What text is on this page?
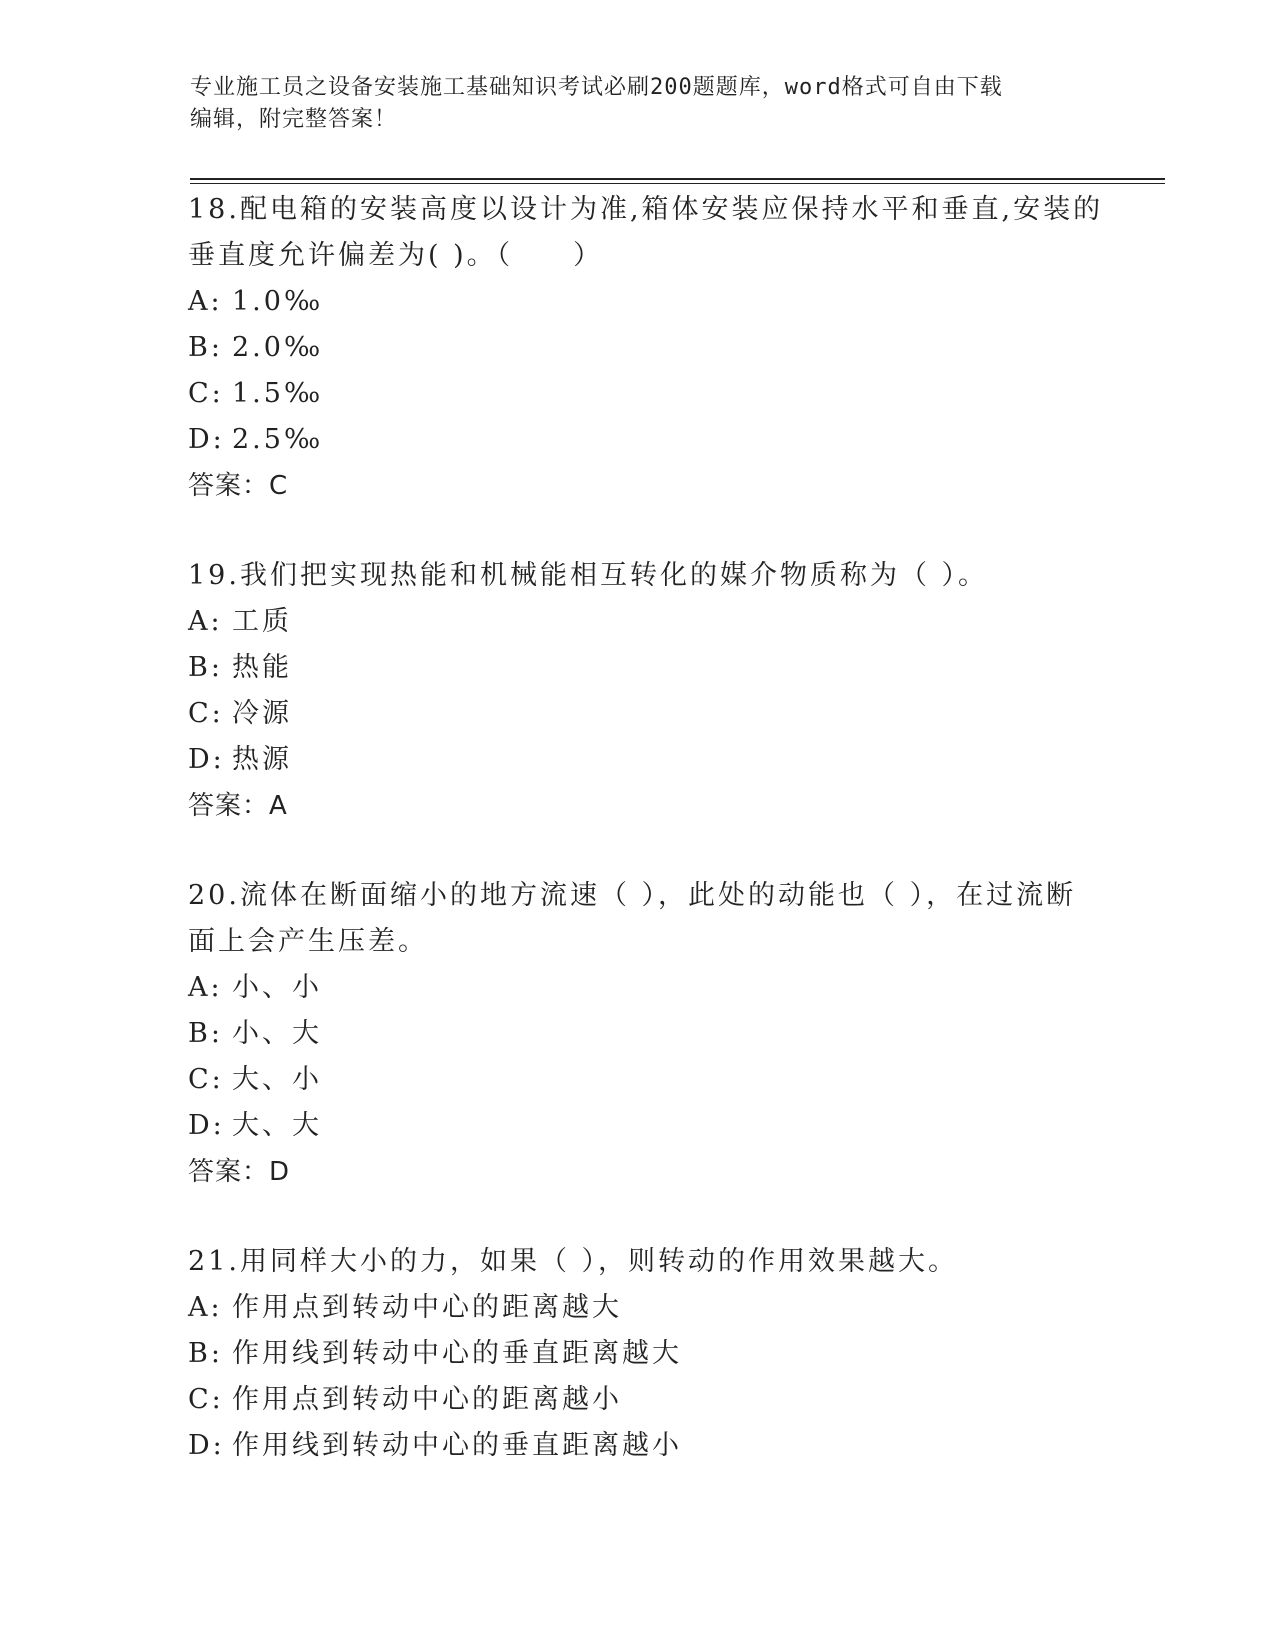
专业施工员之设备安装施工基础知识考试必刷200题题库，word格式可自由下载
编辑，附完整答案！

18.配电箱的安装高度以设计为准,箱体安装应保持水平和垂直,安装的

垂直度允许偏差为( )。（　　）

A: 1.0‰

B: 2.0‰

C: 1.5‰

D: 2.5‰

答案：C

19.我们把实现热能和机械能相互转化的媒介物质称为（ ）。

A: 工质

B: 热能

C: 冷源

D: 热源

答案：A

20.流体在断面缩小的地方流速（ ），此处的动能也（ ），在过流断

面上会产生压差。

A: 小、小

B: 小、大

C: 大、小

D: 大、大

答案：D

21.用同样大小的力，如果（ ），则转动的作用效果越大。

A: 作用点到转动中心的距离越大

B: 作用线到转动中心的垂直距离越大

C: 作用点到转动中心的距离越小

D: 作用线到转动中心的垂直距离越小
